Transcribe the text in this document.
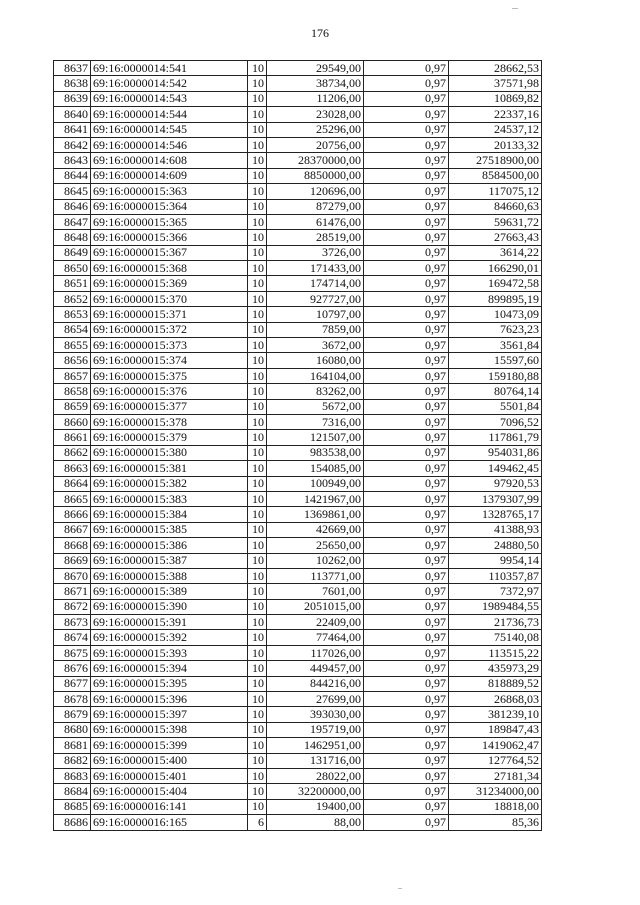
176
8637	69:16:0000014:541	10	29549,00	0,97	28662,53
8638	69:16:0000014:542	10	38734,00	0,97	37571,98
8639	69:16:0000014:543	10	11206,00	0,97	10869,82
8640	69:16:0000014:544	10	23028,00	0,97	22337,16
8641	69:16:0000014:545	10	25296,00	0,97	24537,12
8642	69:16:0000014:546	10	20756,00	0,97	20133,32
8643	69:16:0000014:608	10	28370000,00	0,97	27518900,00
8644	69:16:0000014:609	10	8850000,00	0,97	8584500,00
8645	69:16:0000015:363	10	120696,00	0,97	117075,12
8646	69:16:0000015:364	10	87279,00	0,97	84660,63
8647	69:16:0000015:365	10	61476,00	0,97	59631,72
8648	69:16:0000015:366	10	28519,00	0,97	27663,43
8649	69:16:0000015:367	10	3726,00	0,97	3614,22
8650	69:16:0000015:368	10	171433,00	0,97	166290,01
8651	69:16:0000015:369	10	174714,00	0,97	169472,58
8652	69:16:0000015:370	10	927727,00	0,97	899895,19
8653	69:16:0000015:371	10	10797,00	0,97	10473,09
8654	69:16:0000015:372	10	7859,00	0,97	7623,23
8655	69:16:0000015:373	10	3672,00	0,97	3561,84
8656	69:16:0000015:374	10	16080,00	0,97	15597,60
8657	69:16:0000015:375	10	164104,00	0,97	159180,88
8658	69:16:0000015:376	10	83262,00	0,97	80764,14
8659	69:16:0000015:377	10	5672,00	0,97	5501,84
8660	69:16:0000015:378	10	7316,00	0,97	7096,52
8661	69:16:0000015:379	10	121507,00	0,97	117861,79
8662	69:16:0000015:380	10	983538,00	0,97	954031,86
8663	69:16:0000015:381	10	154085,00	0,97	149462,45
8664	69:16:0000015:382	10	100949,00	0,97	97920,53
8665	69:16:0000015:383	10	1421967,00	0,97	1379307,99
8666	69:16:0000015:384	10	1369861,00	0,97	1328765,17
8667	69:16:0000015:385	10	42669,00	0,97	41388,93
8668	69:16:0000015:386	10	25650,00	0,97	24880,50
8669	69:16:0000015:387	10	10262,00	0,97	9954,14
8670	69:16:0000015:388	10	113771,00	0,97	110357,87
8671	69:16:0000015:389	10	7601,00	0,97	7372,97
8672	69:16:0000015:390	10	2051015,00	0,97	1989484,55
8673	69:16:0000015:391	10	22409,00	0,97	21736,73
8674	69:16:0000015:392	10	77464,00	0,97	75140,08
8675	69:16:0000015:393	10	117026,00	0,97	113515,22
8676	69:16:0000015:394	10	449457,00	0,97	435973,29
8677	69:16:0000015:395	10	844216,00	0,97	818889,52
8678	69:16:0000015:396	10	27699,00	0,97	26868,03
8679	69:16:0000015:397	10	393030,00	0,97	381239,10
8680	69:16:0000015:398	10	195719,00	0,97	189847,43
8681	69:16:0000015:399	10	1462951,00	0,97	1419062,47
8682	69:16:0000015:400	10	131716,00	0,97	127764,52
8683	69:16:0000015:401	10	28022,00	0,97	27181,34
8684	69:16:0000015:404	10	32200000,00	0,97	31234000,00
8685	69:16:0000016:141	10	19400,00	0,97	18818,00
8686	69:16:0000016:165	6	88,00	0,97	85,36
